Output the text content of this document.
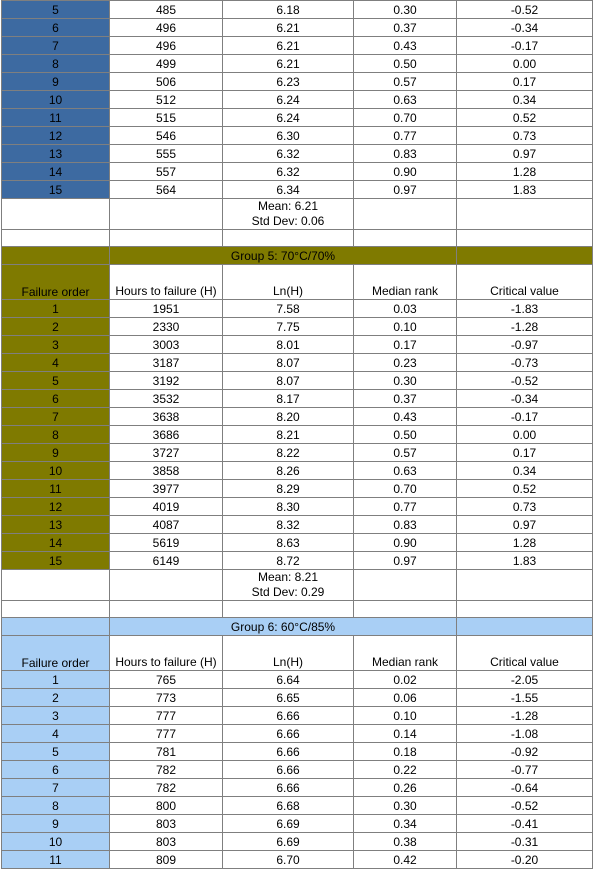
5	485	6.18	0.30	-0.52
6	496	6.21	0.37	-0.34
7	496	6.21	0.43	-0.17
8	499	6.21	0.50	0.00
9	506	6.23	0.57	0.17
10	512	6.24	0.63	0.34
11	515	6.24	0.70	0.52
12	546	6.30	0.77	0.73
13	555	6.32	0.83	0.97
14	557	6.32	0.90	1.28
15	564	6.34	0.97	1.83

		Mean: 6.21
Std Dev: 0.06		

	Group 5: 70°C/70%			
Failure order	Hours to failure (H)	Ln(H)	Median rank	Critical value
1	1951	7.58	0.03	-1.83
2	2330	7.75	0.10	-1.28
3	3003	8.01	0.17	-0.97
4	3187	8.07	0.23	-0.73
5	3192	8.07	0.30	-0.52
6	3532	8.17	0.37	-0.34
7	3638	8.20	0.43	-0.17
8	3686	8.21	0.50	0.00
9	3727	8.22	0.57	0.17
10	3858	8.26	0.63	0.34
11	3977	8.29	0.70	0.52
12	4019	8.30	0.77	0.73
13	4087	8.32	0.83	0.97
14	5619	8.63	0.90	1.28
15	6149	8.72	0.97	1.83

		Mean: 8.21
Std Dev: 0.29		

	Group 6: 60°C/85%			
Failure order	Hours to failure (H)	Ln(H)	Median rank	Critical value
1	765	6.64	0.02	-2.05
2	773	6.65	0.06	-1.55
3	777	6.66	0.10	-1.28
4	777	6.66	0.14	-1.08
5	781	6.66	0.18	-0.92
6	782	6.66	0.22	-0.77
7	782	6.66	0.26	-0.64
8	800	6.68	0.30	-0.52
9	803	6.69	0.34	-0.41
10	803	6.69	0.38	-0.31
11	809	6.70	0.42	-0.20
